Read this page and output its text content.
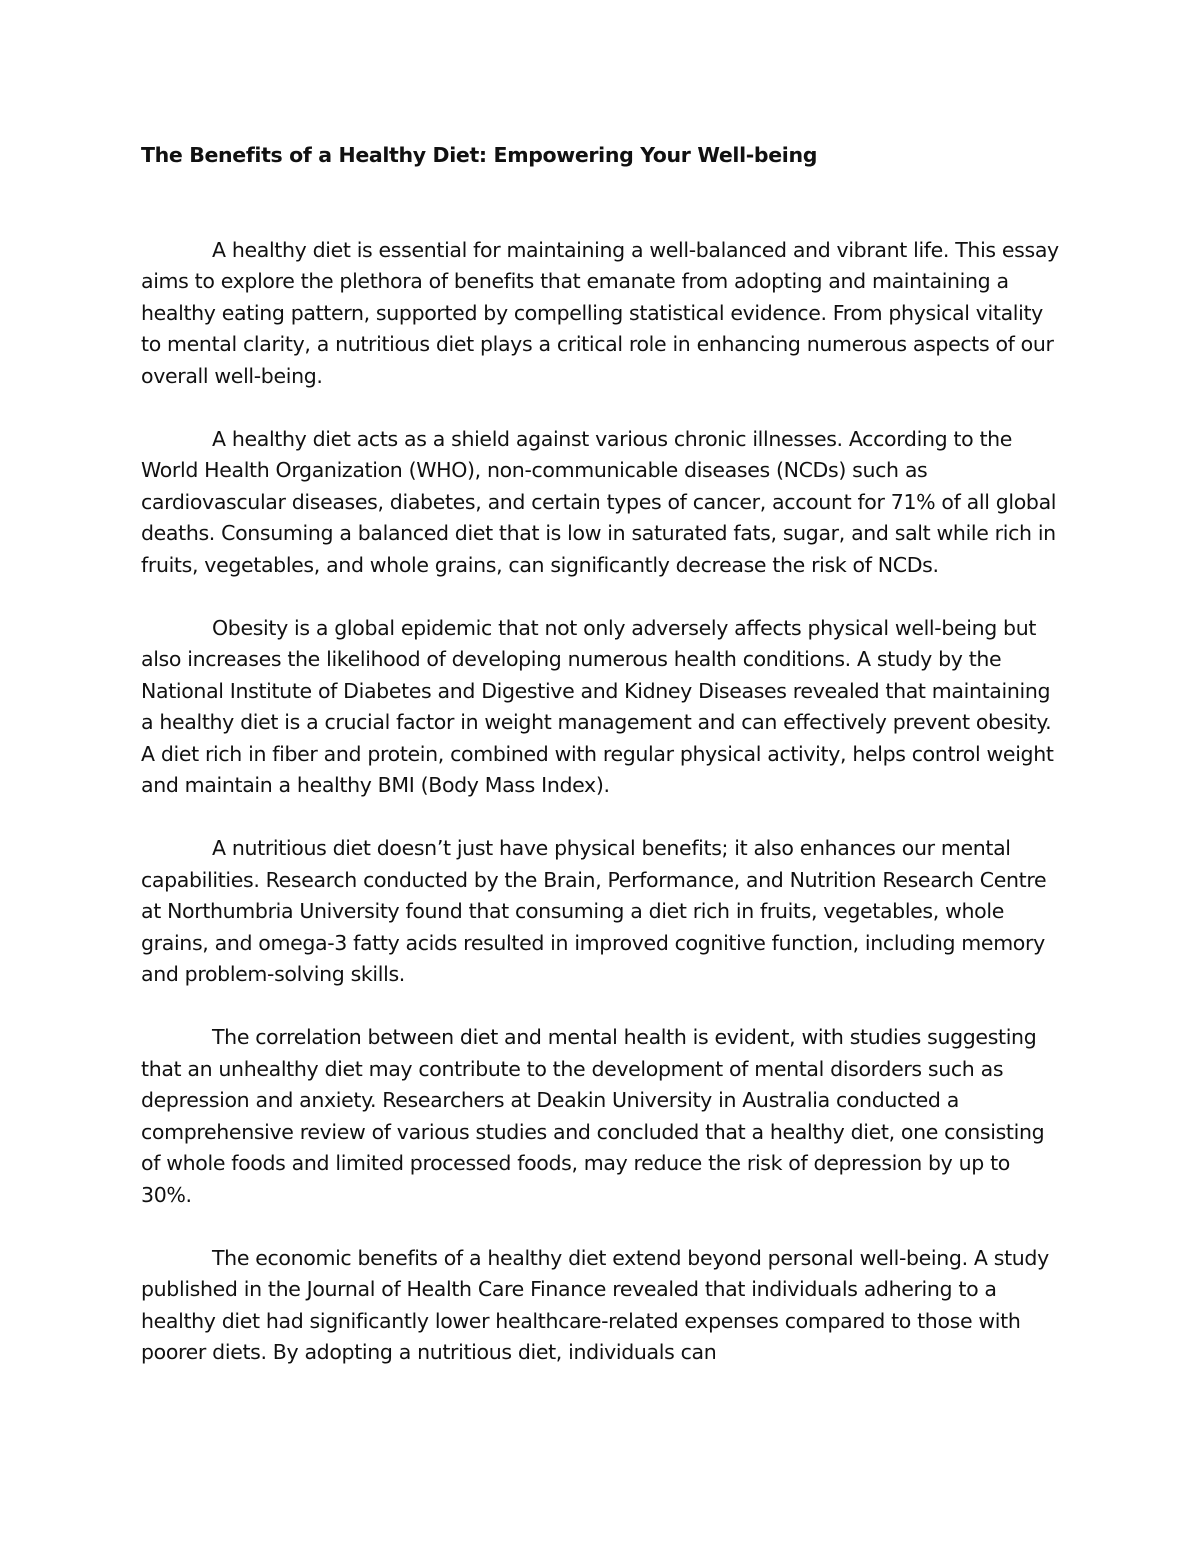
The Benefits of a Healthy Diet: Empowering Your Well-being

A healthy diet is essential for maintaining a well-balanced and vibrant life. This essay aims to explore the plethora of benefits that emanate from adopting and maintaining a healthy eating pattern, supported by compelling statistical evidence. From physical vitality to mental clarity, a nutritious diet plays a critical role in enhancing numerous aspects of our overall well-being.

A healthy diet acts as a shield against various chronic illnesses. According to the World Health Organization (WHO), non-communicable diseases (NCDs) such as cardiovascular diseases, diabetes, and certain types of cancer, account for 71% of all global deaths. Consuming a balanced diet that is low in saturated fats, sugar, and salt while rich in fruits, vegetables, and whole grains, can significantly decrease the risk of NCDs.

Obesity is a global epidemic that not only adversely affects physical well-being but also increases the likelihood of developing numerous health conditions. A study by the National Institute of Diabetes and Digestive and Kidney Diseases revealed that maintaining a healthy diet is a crucial factor in weight management and can effectively prevent obesity. A diet rich in fiber and protein, combined with regular physical activity, helps control weight and maintain a healthy BMI (Body Mass Index).

A nutritious diet doesn’t just have physical benefits; it also enhances our mental capabilities. Research conducted by the Brain, Performance, and Nutrition Research Centre at Northumbria University found that consuming a diet rich in fruits, vegetables, whole grains, and omega-3 fatty acids resulted in improved cognitive function, including memory and problem-solving skills.

The correlation between diet and mental health is evident, with studies suggesting that an unhealthy diet may contribute to the development of mental disorders such as depression and anxiety. Researchers at Deakin University in Australia conducted a comprehensive review of various studies and concluded that a healthy diet, one consisting of whole foods and limited processed foods, may reduce the risk of depression by up to 30%.

The economic benefits of a healthy diet extend beyond personal well-being. A study published in the Journal of Health Care Finance revealed that individuals adhering to a healthy diet had significantly lower healthcare-related expenses compared to those with poorer diets. By adopting a nutritious diet, individuals can
